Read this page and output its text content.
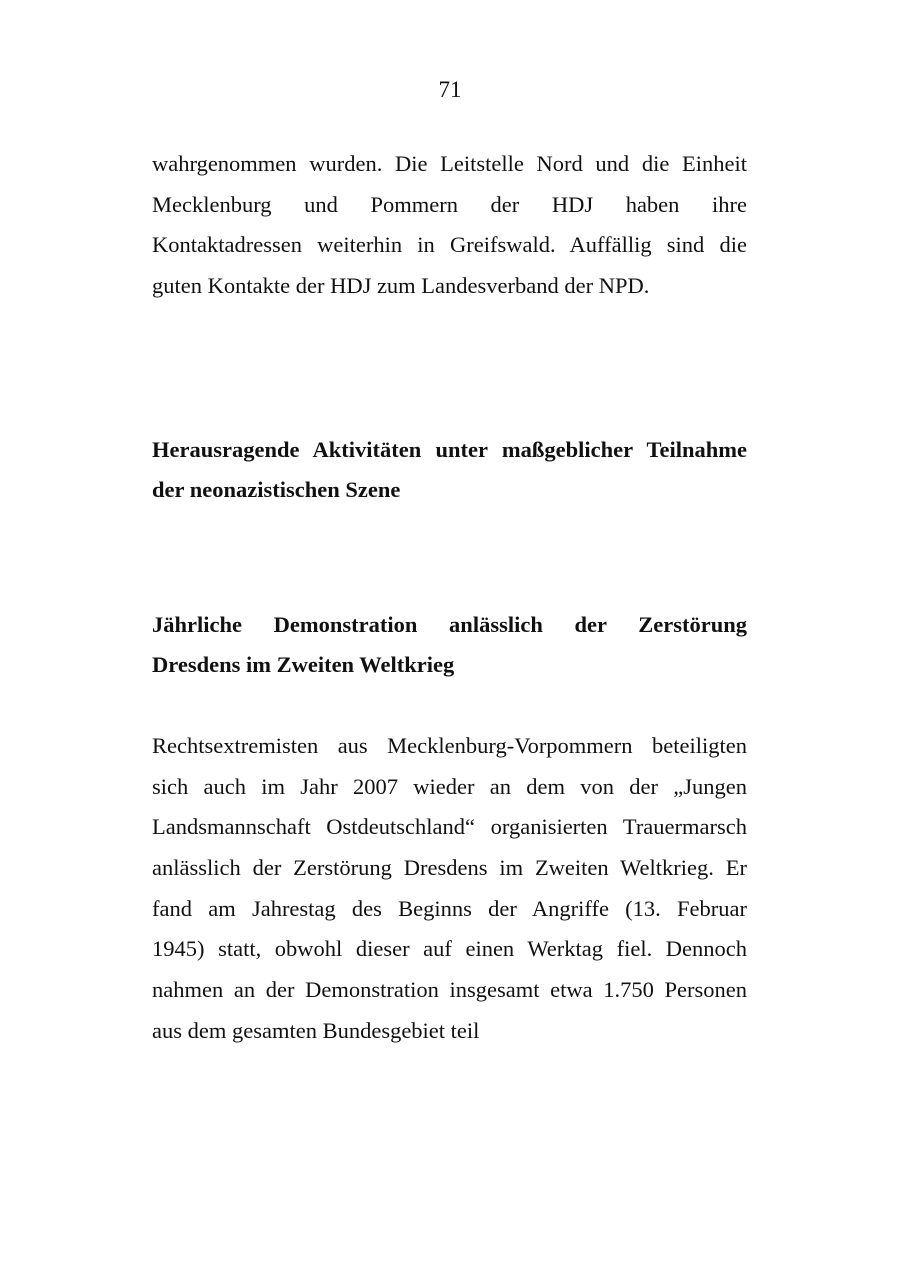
71
wahrgenommen wurden. Die Leitstelle Nord und die Einheit
Mecklenburg und Pommern der HDJ haben ihre
Kontaktadressen weiterhin in Greifswald. Auffällig sind die
guten Kontakte der HDJ zum Landesverband der NPD.
Herausragende Aktivitäten unter maßgeblicher Teilnahme
der neonazistischen Szene
Jährliche Demonstration anlässlich der Zerstörung
Dresdens im Zweiten Weltkrieg
Rechtsextremisten aus Mecklenburg-Vorpommern beteiligten
sich auch im Jahr 2007 wieder an dem von der „Jungen
Landsmannschaft Ostdeutschland“ organisierten Trauermarsch
anlässlich der Zerstörung Dresdens im Zweiten Weltkrieg. Er
fand am Jahrestag des Beginns der Angriffe (13. Februar
1945) statt, obwohl dieser auf einen Werktag fiel. Dennoch
nahmen an der Demonstration insgesamt etwa 1.750 Personen
aus dem gesamten Bundesgebiet teil
